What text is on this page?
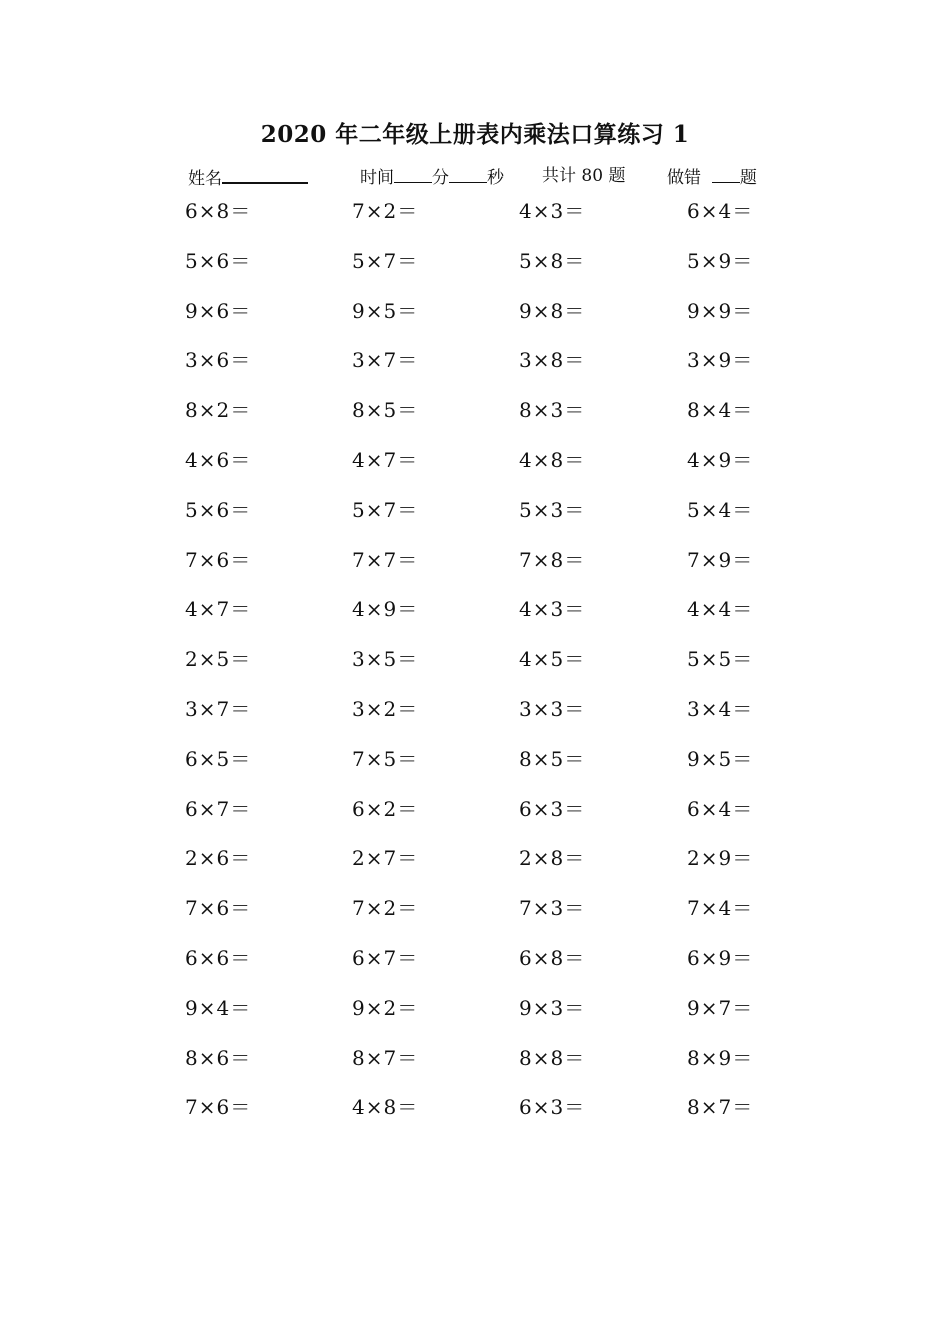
2020 年二年级上册表内乘法口算练习 1
姓名	时间 分 秒 共计 80 题 做错 题
6×8＝	7×2＝	4×3＝	6×4＝
5×6＝	5×7＝	5×8＝	5×9＝
9×6＝	9×5＝	9×8＝	9×9＝
3×6＝	3×7＝	3×8＝	3×9＝
8×2＝	8×5＝	8×3＝	8×4＝
4×6＝	4×7＝	4×8＝	4×9＝
5×6＝	5×7＝	5×3＝	5×4＝
7×6＝	7×7＝	7×8＝	7×9＝
4×7＝	4×9＝	4×3＝	4×4＝
2×5＝	3×5＝	4×5＝	5×5＝
3×7＝	3×2＝	3×3＝	3×4＝
6×5＝	7×5＝	8×5＝	9×5＝
6×7＝	6×2＝	6×3＝	6×4＝
2×6＝	2×7＝	2×8＝	2×9＝
7×6＝	7×2＝	7×3＝	7×4＝
6×6＝	6×7＝	6×8＝	6×9＝
9×4＝	9×2＝	9×3＝	9×7＝
8×6＝	8×7＝	8×8＝	8×9＝
7×6＝	4×8＝	6×3＝	8×7＝
